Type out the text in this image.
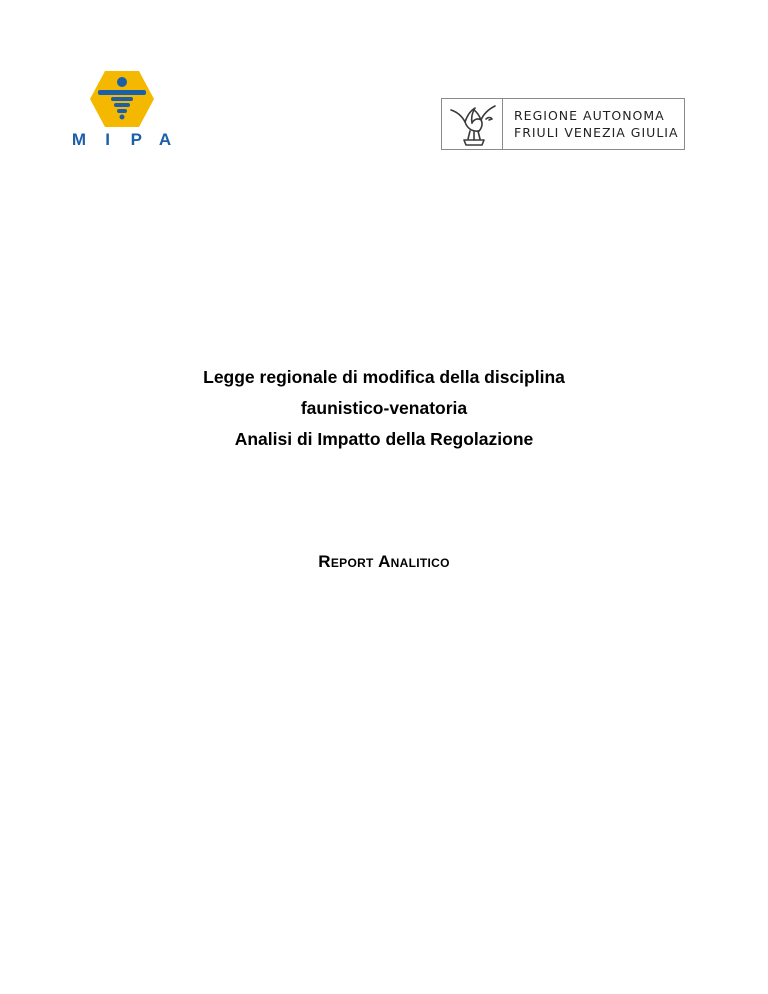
M	I	P A
REGIONE AUTONOMA
FRIULI VENEZIA GIULIA
Legge regionale di modifica della disciplina
faunistico-venatoria
Analisi di Impatto della Regolazione
Report Analitico
